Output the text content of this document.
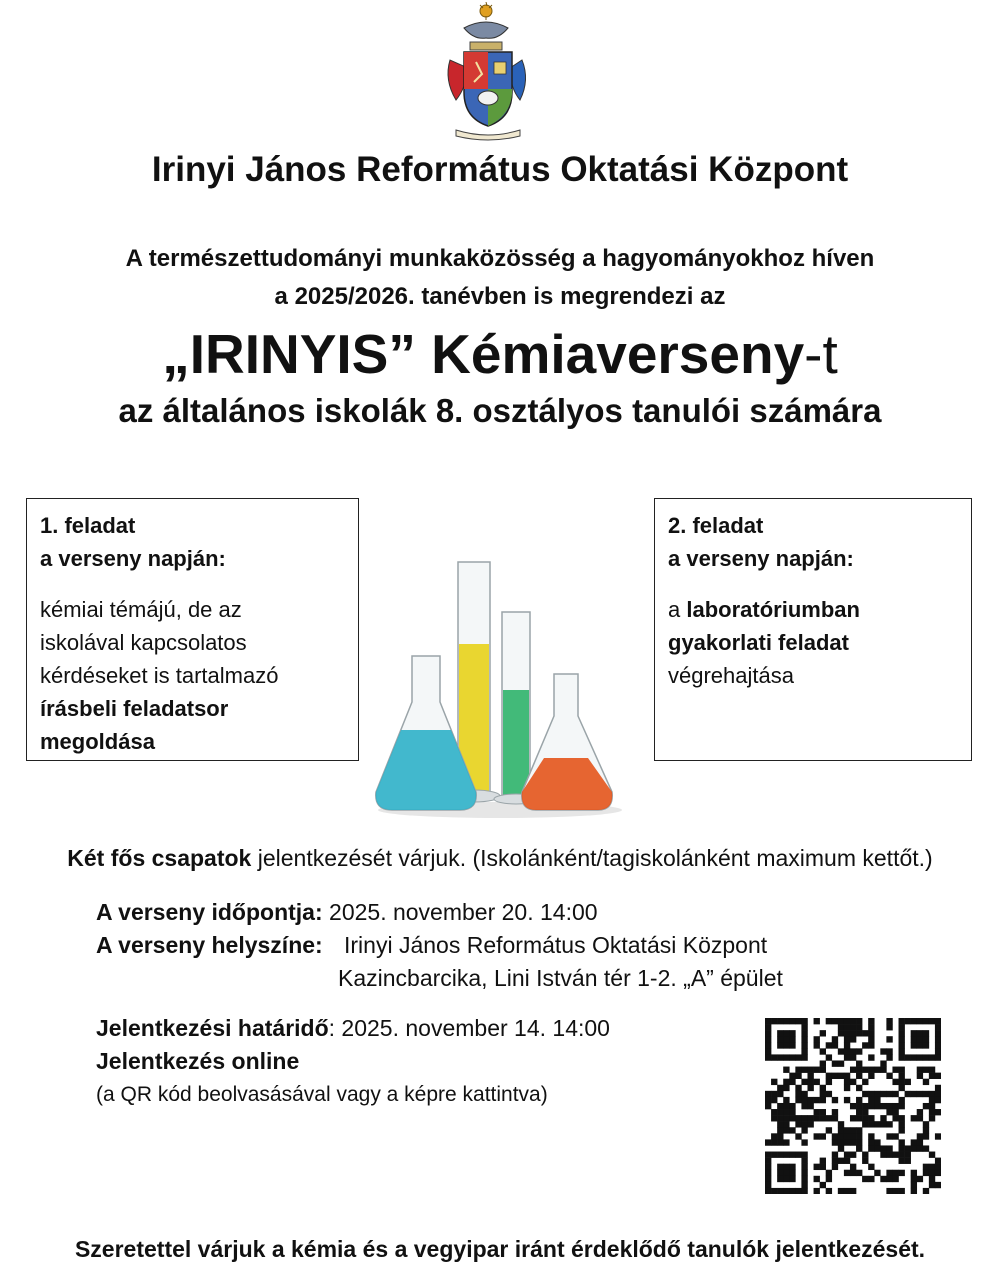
Irinyi János Református Oktatási Központ
A természettudományi munkaközösség a hagyományokhoz híven
a 2025/2026. tanévben is megrendezi az
„IRINYIS” Kémiaverseny-t
az általános iskolák 8. osztályos tanulói számára
1. feladat
a verseny napján:
kémiai témájú, de az
iskolával kapcsolatos
kérdéseket is tartalmazó
írásbeli feladatsor
megoldása
2. feladat
a verseny napján:
a laboratóriumban
gyakorlati feladat
végrehajtása
Két fős csapatok jelentkezését várjuk. (Iskolánként/tagiskolánként maximum kettőt.)
A verseny időpontja: 2025. november 20. 14:00
A verseny helyszíne: Irinyi János Református Oktatási Központ
Kazincbarcika, Lini István tér 1-2. „A” épület
Jelentkezési határidő: 2025. november 14. 14:00
Jelentkezés online
(a QR kód beolvasásával vagy a képre kattintva)
Szeretettel várjuk a kémia és a vegyipar iránt érdeklődő tanulók jelentkezését.
